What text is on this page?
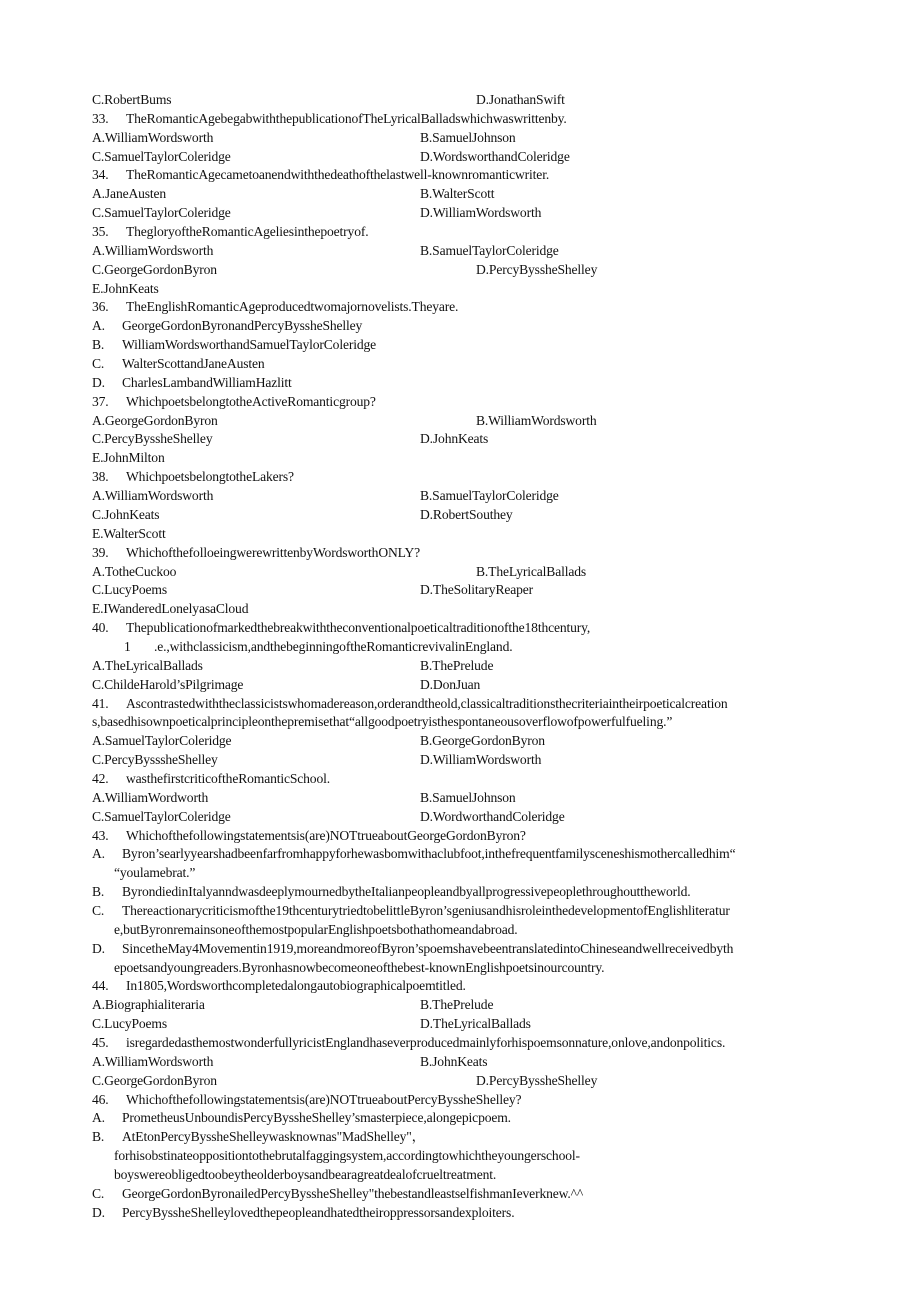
C.RobertBums	D.JonathanSwift
33. TheRomanticAgebegabwiththepublicationofTheLyricalBalladswhichwaswrittenby.
A.WilliamWordsworth	B.SamuelJohnson
C.SamuelTaylorColeridge	D.WordsworthandColeridge
34. TheRomanticAgecametoanendwiththedeathofthelastwell-knownromanticwriter.
A.JaneAusten	B.WalterScott
C.SamuelTaylorColeridge	D.WilliamWordsworth
35. ThegloryoftheRomanticAgeliesinthepoetryof.
A.WilliamWordsworth	B.SamuelTaylorColeridge
C.GeorgeGordonByron	D.PercyByssheShelley
E.JohnKeats
36. TheEnglishRomanticAgeproducedtwomajornovelists.Theyare.
A. GeorgeGordonByronandPercyByssheShelley
B. WilliamWordsworthandSamuelTaylorColeridge
C. WalterScottandJaneAusten
D. CharlesLambandWilliamHazlitt
37. WhichpoetsbelongtotheActiveRomanticgroup?
A.GeorgeGordonByron	B.WilliamWordsworth
C.PercyByssheShelley	D.JohnKeats
E.JohnMilton
38. WhichpoetsbelongtotheLakers?
A.WilliamWordsworth	B.SamuelTaylorColeridge
C.JohnKeats	D.RobertSouthey
E.WalterScott
39. WhichofthefolloeingwerewrittenbyWordsworthONLY?
A.TotheCuckoo	B.TheLyricalBallads
C.LucyPoems	D.TheSolitaryReaper
E.IWanderedLonelyasaCloud
40. Thepublicationofmarkedthebreakwiththeconventionalpoeticaltraditionofthe18thcentury,
1 .e.,withclassicism,andthebeginningoftheRomanticrevivalinEngland.
A.TheLyricalBallads	B.ThePrelude
C.ChildeHarold’sPilgrimage	D.DonJuan
41. Ascontrastedwiththeclassicistswhomadereason,orderandtheold,classicaltraditionsthecriteriaintheirpoeticalcreation
s,basedhisownpoeticalprincipleonthepremisethat“allgoodpoetryisthespontaneousoverflowofpowerfulfueling.”
A.SamuelTaylorColeridge	B.GeorgeGordonByron
C.PercyBysssheShelley	D.WilliamWordsworth
42. wasthefirstcriticoftheRomanticSchool.
A.WilliamWordworth	B.SamuelJohnson
C.SamuelTaylorColeridge	D.WordworthandColeridge
43. Whichofthefollowingstatementsis(are)NOTtrueaboutGeorgeGordonByron?
A. Byron’searlyyearshadbeenfarfromhappyforhewasbomwithaclubfoot,inthefrequentfamilysceneshismothercalledhim“
“youlamebrat.”
B. ByrondiedinItalyanndwasdeeplymournedbytheItalianpeopleandbyallprogressivepeoplethroughouttheworld.
C. Thereactionarycriticismofthe19thcenturytriedtobelittleByron’sgeniusandhisroleinthedevelopmentofEnglishliteratur
e,butByronremainsoneofthemostpopularEnglishpoetsbothathomeandabroad.
D. SincetheMay4Movementin1919,moreandmoreofByron’spoemshavebeentranslatedintoChineseandwellreceivedbyth
epoetsandyoungreaders.Byronhasnowbecomeoneofthebest-knownEnglishpoetsinourcountry.
44. In1805,Wordsworthcompletedalongautobiographicalpoemtitled.
A.Biographialiteraria	B.ThePrelude
C.LucyPoems	D.TheLyricalBallads
45. isregardedasthemostwonderfullyricistEnglandhaseverproducedmainlyforhispoemsonnature,onlove,andonpolitics.
A.WilliamWordsworth	B.JohnKeats
C.GeorgeGordonByron	D.PercyByssheShelley
46. Whichofthefollowingstatementsis(are)NOTtrueaboutPercyByssheShelley?
A. PrometheusUnboundisPercyByssheShelley’smasterpiece,alongepicpoem.
B. AtEtonPercyByssheShelleywasknownas"MadShelley"，
forhisobstinateoppositiontothebrutalfaggingsystem,accordingtowhichtheyoungerschool-
boyswereobligedtoobeytheolderboysandbearagreatdealofcrueltreatment.
C. GeorgeGordonByronailedPercyByssheShelley"thebestandleastselfishmanIeverknew.^^
D. PercyByssheShelleylovedthepeopleandhatedtheiroppressorsandexploiters.
